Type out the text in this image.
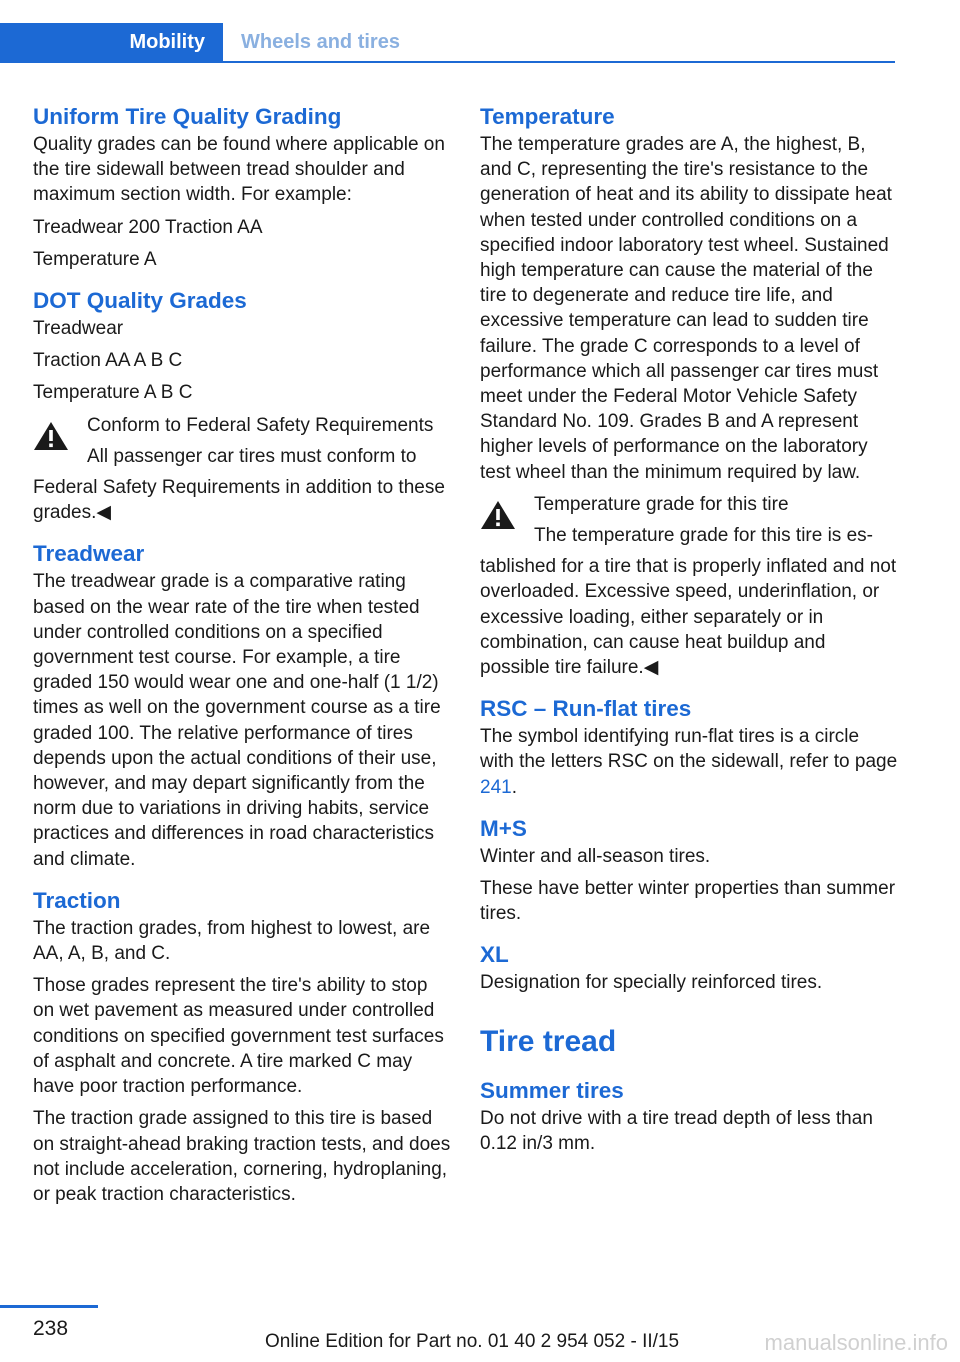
Mobility	Wheels and tires
Uniform Tire Quality Grading

Quality grades can be found where applicable on the tire sidewall between tread shoulder and maximum section width. For example:

Treadwear 200 Traction AA

Temperature A

DOT Quality Grades

Treadwear

Traction AA A B C

Temperature A B C

Conform to Federal Safety Requirements

All passenger car tires must conform to

Federal Safety Requirements in addition to these grades.◀

Treadwear

The treadwear grade is a comparative rating based on the wear rate of the tire when tested under controlled conditions on a specified government test course. For example, a tire graded 150 would wear one and one-half (1 1/2) times as well on the government course as a tire graded 100. The relative performance of tires depends upon the actual conditions of their use, however, and may depart significantly from the norm due to variations in driving habits, service practices and differences in road characteristics and climate.

Traction

The traction grades, from highest to lowest, are AA, A, B, and C.

Those grades represent the tire's ability to stop on wet pavement as measured under controlled conditions on specified government test surfaces of asphalt and concrete. A tire marked C may have poor traction performance.

The traction grade assigned to this tire is based on straight-ahead braking traction tests, and does not include acceleration, cornering, hydroplaning, or peak traction characteristics.

Temperature

The temperature grades are A, the highest, B, and C, representing the tire's resistance to the generation of heat and its ability to dissipate heat when tested under controlled conditions on a specified indoor laboratory test wheel. Sustained high temperature can cause the material of the tire to degenerate and reduce tire life, and excessive temperature can lead to sudden tire failure. The grade C corresponds to a level of performance which all passenger car tires must meet under the Federal Motor Vehicle Safety Standard No. 109. Grades B and A represent higher levels of performance on the laboratory test wheel than the minimum required by law.

Temperature grade for this tire

The temperature grade for this tire is es-

tablished for a tire that is properly inflated and not overloaded. Excessive speed, underinflation, or excessive loading, either separately or in combination, can cause heat buildup and possible tire failure.◀

RSC – Run-flat tires

The symbol identifying run-flat tires is a circle with the letters RSC on the sidewall, refer to page 241.

M+S

Winter and all-season tires.

These have better winter properties than summer tires.

XL

Designation for specially reinforced tires.

Tire tread
Summer tires

Do not drive with a tire tread depth of less than 0.12 in/3 mm.

238
Online Edition for Part no. 01 40 2 954 052 - II/15	manualsonline.info
